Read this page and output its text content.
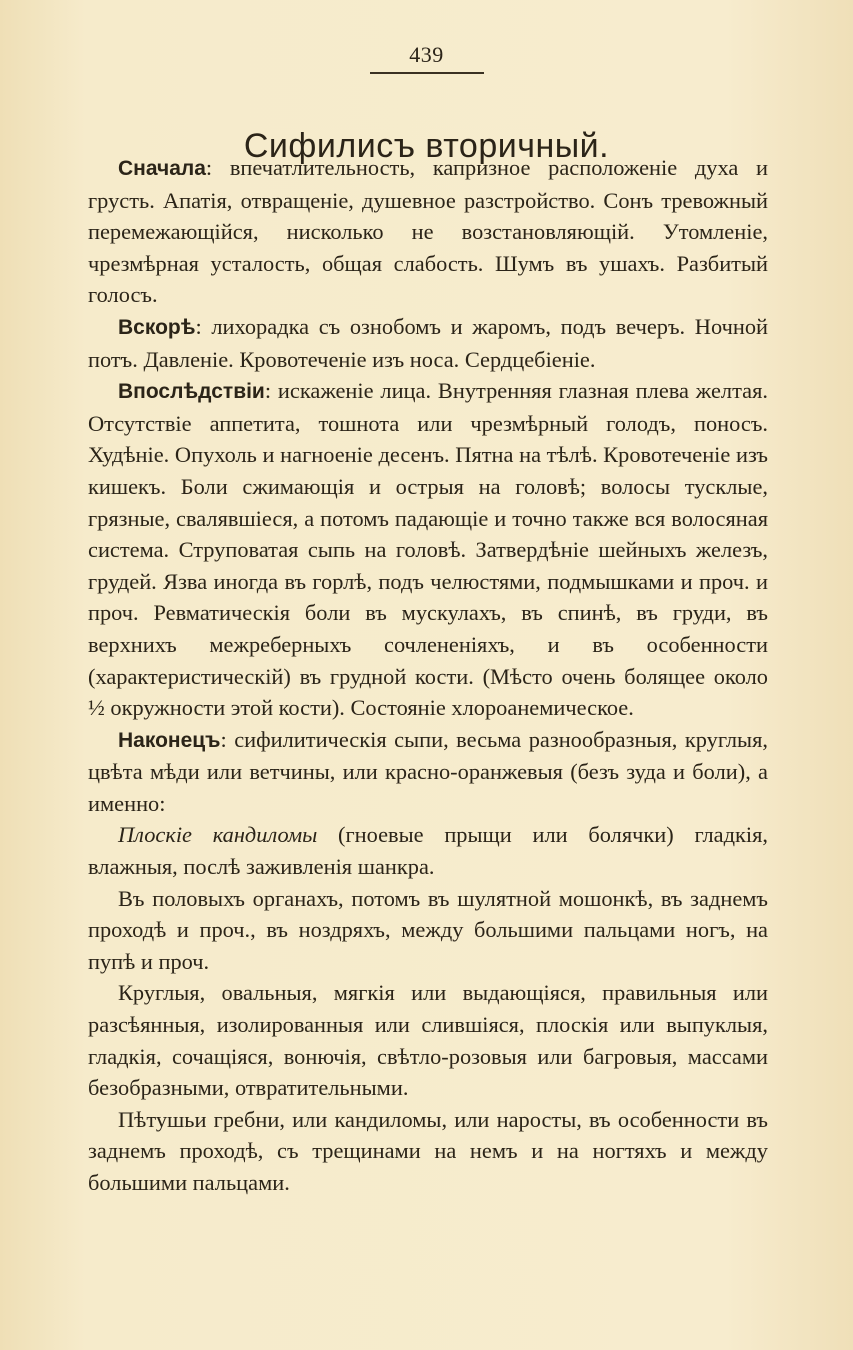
439
Сифилисъ вторичный.

Сначала: впечатлительность, капризное расположеніе духа и грусть. Апатія, отвращеніе, душевное разстройство. Сонъ тревожный перемежающійся, нисколько не возстановляющій. Утомленіе, чрезмѣрная усталость, общая слабость. Шумъ въ ушахъ. Разбитый голосъ.

Вскорѣ: лихорадка съ ознобомъ и жаромъ, подъ вечеръ. Ночной потъ. Давленіе. Кровотеченіе изъ носа. Сердцебіеніе.

Впослѣдствіи: искаженіе лица. Внутренняя глазная плева желтая. Отсутствіе аппетита, тошнота или чрезмѣрный голодъ, поносъ. Худѣніе. Опухоль и нагноеніе десенъ. Пятна на тѣлѣ. Кровотеченіе изъ кишекъ. Боли сжимающія и острыя на головѣ; волосы тусклые, грязные, свалявшіеся, а потомъ падающіе и точно также вся волосяная система. Струповатая сыпь на головѣ. Затвердѣніе шейныхъ железъ, грудей. Язва иногда въ горлѣ, подъ челюстями, подмышками и проч. и проч. Ревматическія боли въ мускулахъ, въ спинѣ, въ груди, въ верхнихъ межреберныхъ сочлененіяхъ, и въ особенности (характеристическій) въ грудной кости. (Мѣсто очень болящее около ½ окружности этой кости). Состояніе хлороанемическое.

Наконецъ: сифилитическія сыпи, весьма разнообразныя, круглыя, цвѣта мѣди или ветчины, или красно-оранжевыя (безъ зуда и боли), а именно:

Плоскіе кандиломы (гноевые прыщи или болячки) гладкія, влажныя, послѣ заживленія шанкра.

Въ половыхъ органахъ, потомъ въ шулятной мошонкѣ, въ заднемъ проходѣ и проч., въ ноздряхъ, между большими пальцами ногъ, на пупѣ и проч.

Круглыя, овальныя, мягкія или выдающіяся, правильныя или разсѣянныя, изолированныя или слившіяся, плоскія или выпуклыя, гладкія, сочащіяся, вонючія, свѣтло-розовыя или багровыя, массами безобразными, отвратительными.

Пѣтушьи гребни, или кандиломы, или наросты, въ особенности въ заднемъ проходѣ, съ трещинами на немъ и на ногтяхъ и между большими пальцами.
